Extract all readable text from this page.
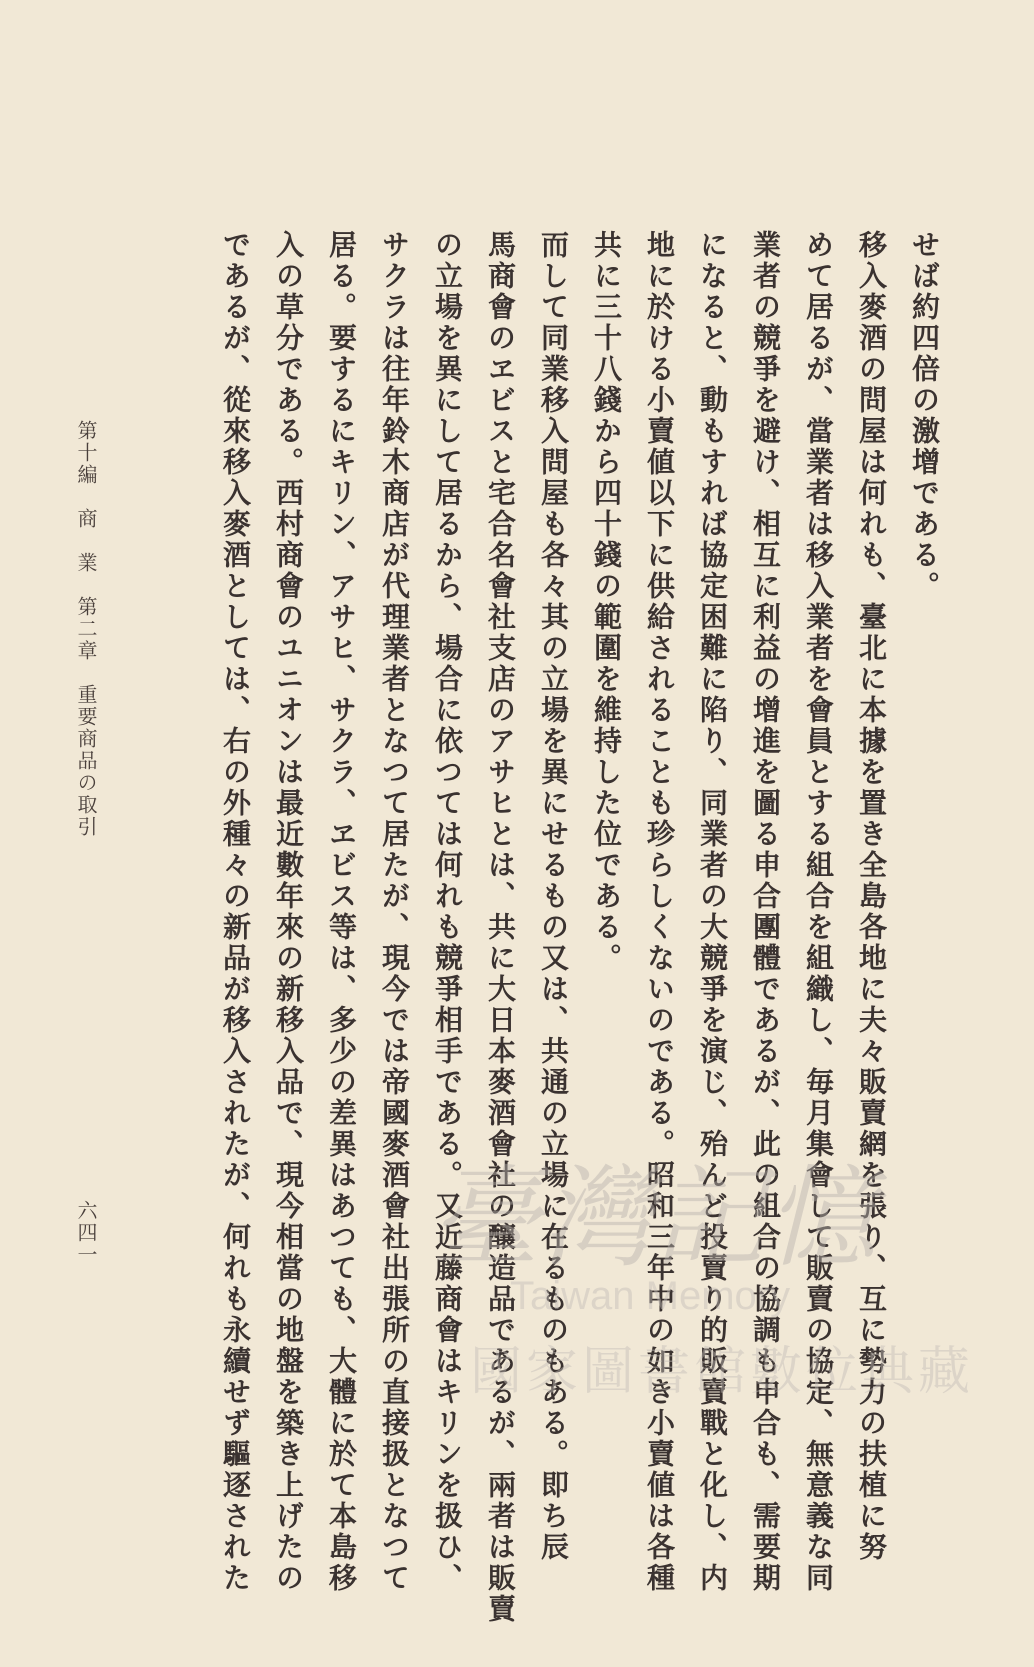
せば約四倍の激增である。
移入麥酒の問屋は何れも、臺北に本據を置き全島各地に夫々販賣網を張り、互に勢力の扶植に努
めて居るが、當業者は移入業者を會員とする組合を組織し、毎月集會して販賣の協定、無意義な同
業者の競爭を避け、相互に利益の增進を圖る申合團體であるが、此の組合の協調も申合も、需要期
になると、動もすれば協定困難に陷り、同業者の大競爭を演じ、殆んど投賣り的販賣戰と化し、内
地に於ける小賣値以下に供給されることも珍らしくないのである。昭和三年中の如き小賣値は各種
共に三十八錢から四十錢の範圍を維持した位である。
而して同業移入問屋も各々其の立場を異にせるもの又は、共通の立場に在るものもある。即ち辰
馬商會のヱビスと宅合名會社支店のアサヒとは、共に大日本麥酒會社の釀造品であるが、兩者は販賣
の立場を異にして居るから、場合に依つては何れも競爭相手である。又近藤商會はキリンを扱ひ、
サクラは往年鈴木商店が代理業者となつて居たが、現今では帝國麥酒會社出張所の直接扱となつて
居る。要するにキリン、アサヒ、サクラ、ヱビス等は、多少の差異はあつても、大體に於て本島移
入の草分である。西村商會のユニオンは最近數年來の新移入品で、現今相當の地盤を築き上げたの
であるが、從來移入麥酒としては、右の外種々の新品が移入されたが、何れも永續せず驅逐された
第十編　商　業　第二章　重要商品の取引
六四一	臺灣記憶
Taiwan Memory
國家圖書館數位典藏
